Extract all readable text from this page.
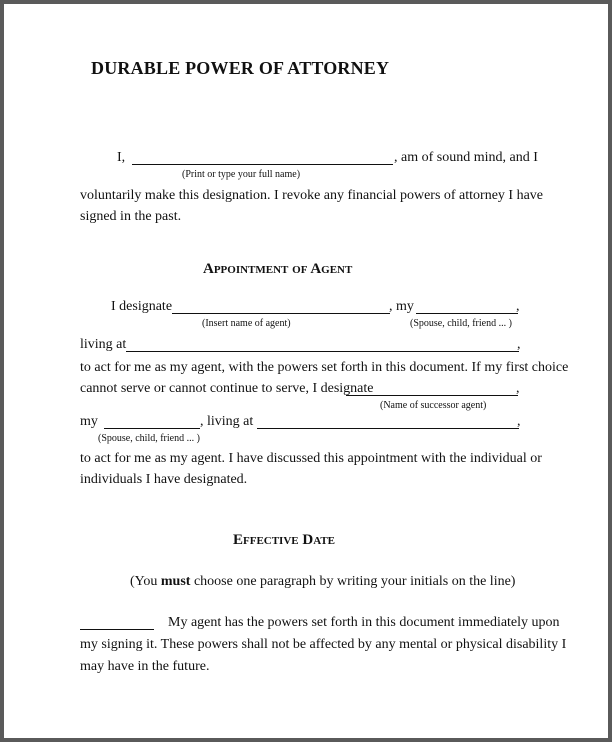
DURABLE POWER OF ATTORNEY
I,	, am of sound mind, and I
(Print or type your full name)
voluntarily make this designation. I revoke any financial powers of attorney I have
signed in the past.
Appointment of Agent
I designate	, my	,
(Insert name of agent)	(Spouse, child, friend ... )
living at	,
to act for me as my agent, with the powers set forth in this document. If my first choice
cannot serve or cannot continue to serve, I designate	,
(Name of successor agent)
my	, living at	,
(Spouse, child, friend ... )
to act for me as my agent. I have discussed this appointment with the individual or
individuals I have designated.
Effective Date
(You must choose one paragraph by writing your initials on the line)
My agent has the powers set forth in this document immediately upon
my signing it. These powers shall not be affected by any mental or physical disability I
may have in the future.
